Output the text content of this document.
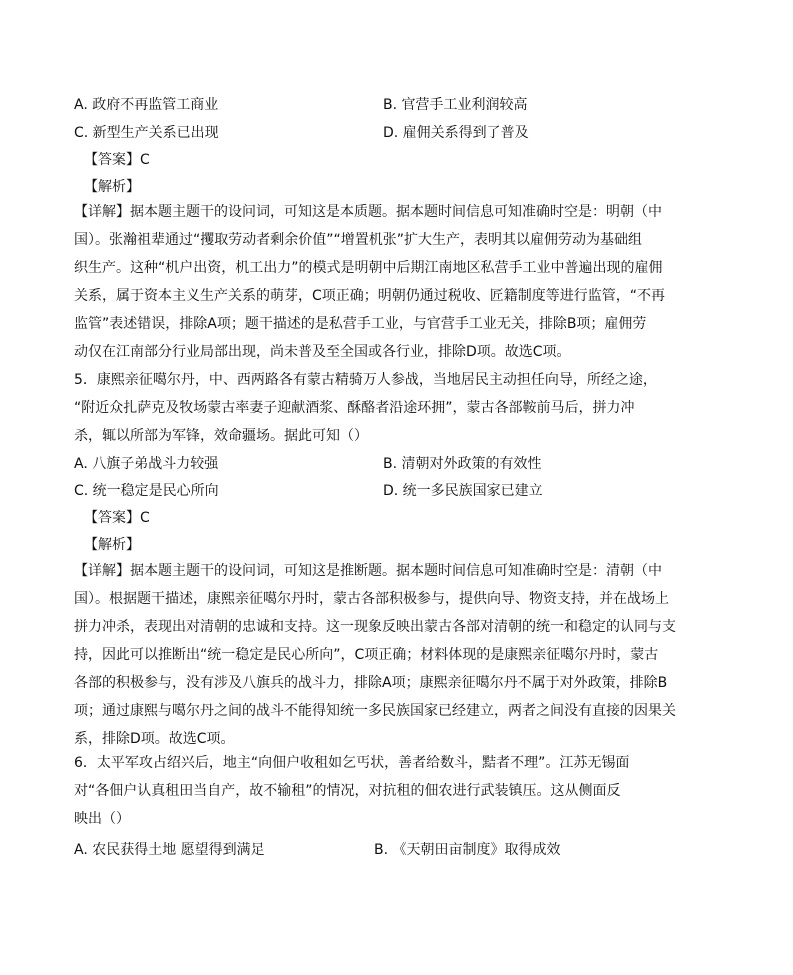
A. 政府不再监管工商业	B. 官营手工业利润较高
C. 新型生产关系已出现	D. 雇佣关系得到了普及
【答案】C
【解析】
【详解】据本题主题干的设问词，可知这是本质题。据本题时间信息可知准确时空是：明朝（中
国）。张瀚祖辈通过“攫取劳动者剩余价值”“增置机张”扩大生产，表明其以雇佣劳动为基础组
织生产。这种“机户出资，机工出力”的模式是明朝中后期江南地区私营手工业中普遍出现的雇佣
关系，属于资本主义生产关系的萌芽，C项正确；明朝仍通过税收、匠籍制度等进行监管，“不再
监管”表述错误，排除A项；题干描述的是私营手工业，与官营手工业无关，排除B项；雇佣劳
动仅在江南部分行业局部出现，尚未普及至全国或各行业，排除D项。故选C项。
5．康熙亲征噶尔丹，中、西两路各有蒙古精骑万人参战，当地居民主动担任向导，所经之途，
“附近众扎萨克及牧场蒙古率妻子迎献酒浆、酥酪者沿途环拥”，蒙古各部鞍前马后，拼力冲
杀，辄以所部为军锋，效命疆场。据此可知（）
A. 八旗子弟战斗力较强	B. 清朝对外政策的有效性
C. 统一稳定是民心所向	D. 统一多民族国家已建立
【答案】C
【解析】
【详解】据本题主题干的设问词，可知这是推断题。据本题时间信息可知准确时空是：清朝（中
国）。根据题干描述，康熙亲征噶尔丹时，蒙古各部积极参与，提供向导、物资支持，并在战场上
拼力冲杀，表现出对清朝的忠诚和支持。这一现象反映出蒙古各部对清朝的统一和稳定的认同与支
持，因此可以推断出“统一稳定是民心所向”，C项正确；材料体现的是康熙亲征噶尔丹时，蒙古
各部的积极参与，没有涉及八旗兵的战斗力，排除A项；康熙亲征噶尔丹不属于对外政策，排除B
项；通过康熙与噶尔丹之间的战斗不能得知统一多民族国家已经建立，两者之间没有直接的因果关
系，排除D项。故选C项。
6．太平军攻占绍兴后，地主“向佃户收租如乞丐状，善者给数斗，黠者不理”。江苏无锡面
对“各佃户认真租田当自产，故不输租”的情况，对抗租的佃农进行武装镇压。这从侧面反
映出（）
A. 农民获得土地 愿望得到满足	B. 《天朝田亩制度》取得成效
